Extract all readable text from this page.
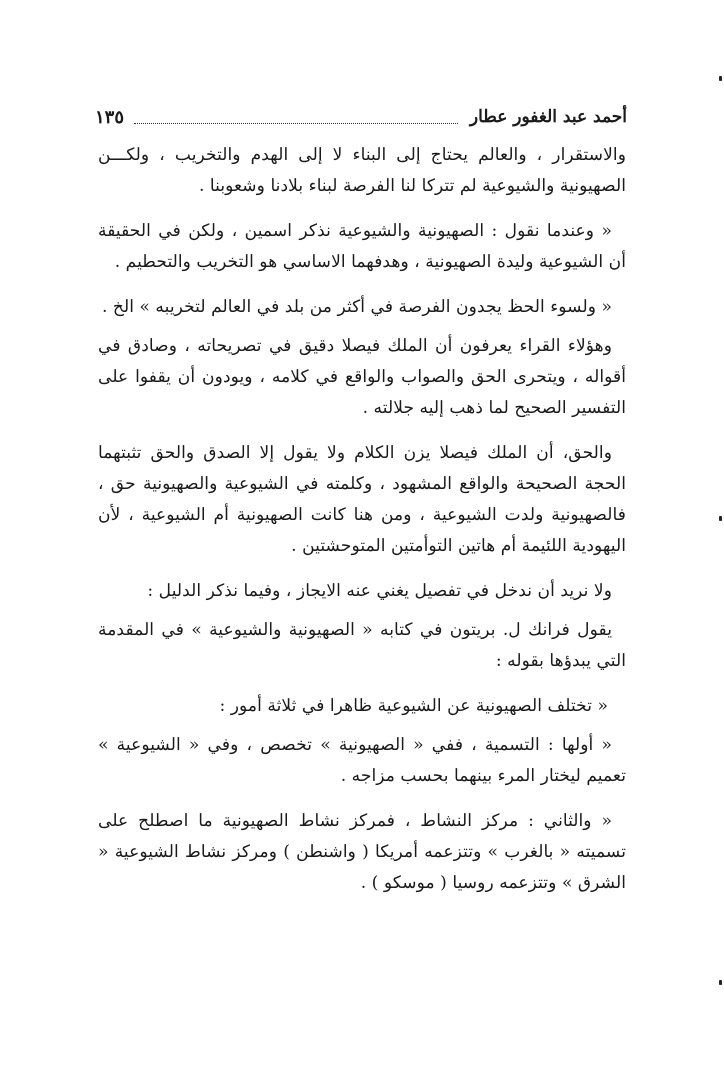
أحمد عبد الغفور عطار
١٣٥

والاستقرار ، والعالم يحتاج إلى البناء لا إلى الهدم والتخريب ، ولكـــن الصهيونية والشيوعية لم تتركا لنا الفرصة لبناء بلادنا وشعوبنا .

« وعندما نقول : الصهيونية والشيوعية نذكر اسمين ، ولكن في الحقيقة أن الشيوعية وليدة الصهيونية ، وهدفهما الاساسي هو التخريب والتحطيم .

« ولسوء الحظ يجدون الفرصة في أكثر من بلد في العالم لتخريبه » الخ .

وهؤلاء القراء يعرفون أن الملك فيصلا دقيق في تصريحاته ، وصادق في أقواله ، ويتحرى الحق والصواب والواقع في كلامه ، ويودون أن يقفوا على التفسير الصحيح لما ذهب إليه جلالته .

والحق، أن الملك فيصلا يزن الكلام ولا يقول إلا الصدق والحق تثبتهما الحجة الصحيحة والواقع المشهود ، وكلمته في الشيوعية والصهيونية حق ، فالصهيونية ولدت الشيوعية ، ومن هنا كانت الصهيونية أم الشيوعية ، لأن اليهودية اللئيمة أم هاتين التوأمتين المتوحشتين .

ولا نريد أن ندخل في تفصيل يغني عنه الايجاز ، وفيما نذكر الدليل :

يقول فرانك ل. بريتون في كتابه « الصهيونية والشيوعية » في المقدمة التي يبدؤها بقوله :

« تختلف الصهيونية عن الشيوعية ظاهرا في ثلاثة أمور :

« أولها : التسمية ، ففي « الصهيونية » تخصص ، وفي « الشيوعية » تعميم ليختار المرء بينهما بحسب مزاجه .

« والثاني : مركز النشاط ، فمركز نشاط الصهيونية ما اصطلح على تسميته « بالغرب » وتتزعمه أمريكا ( واشنطن ) ومركز نشاط الشيوعية « الشرق » وتتزعمه روسيا ( موسكو ) .
